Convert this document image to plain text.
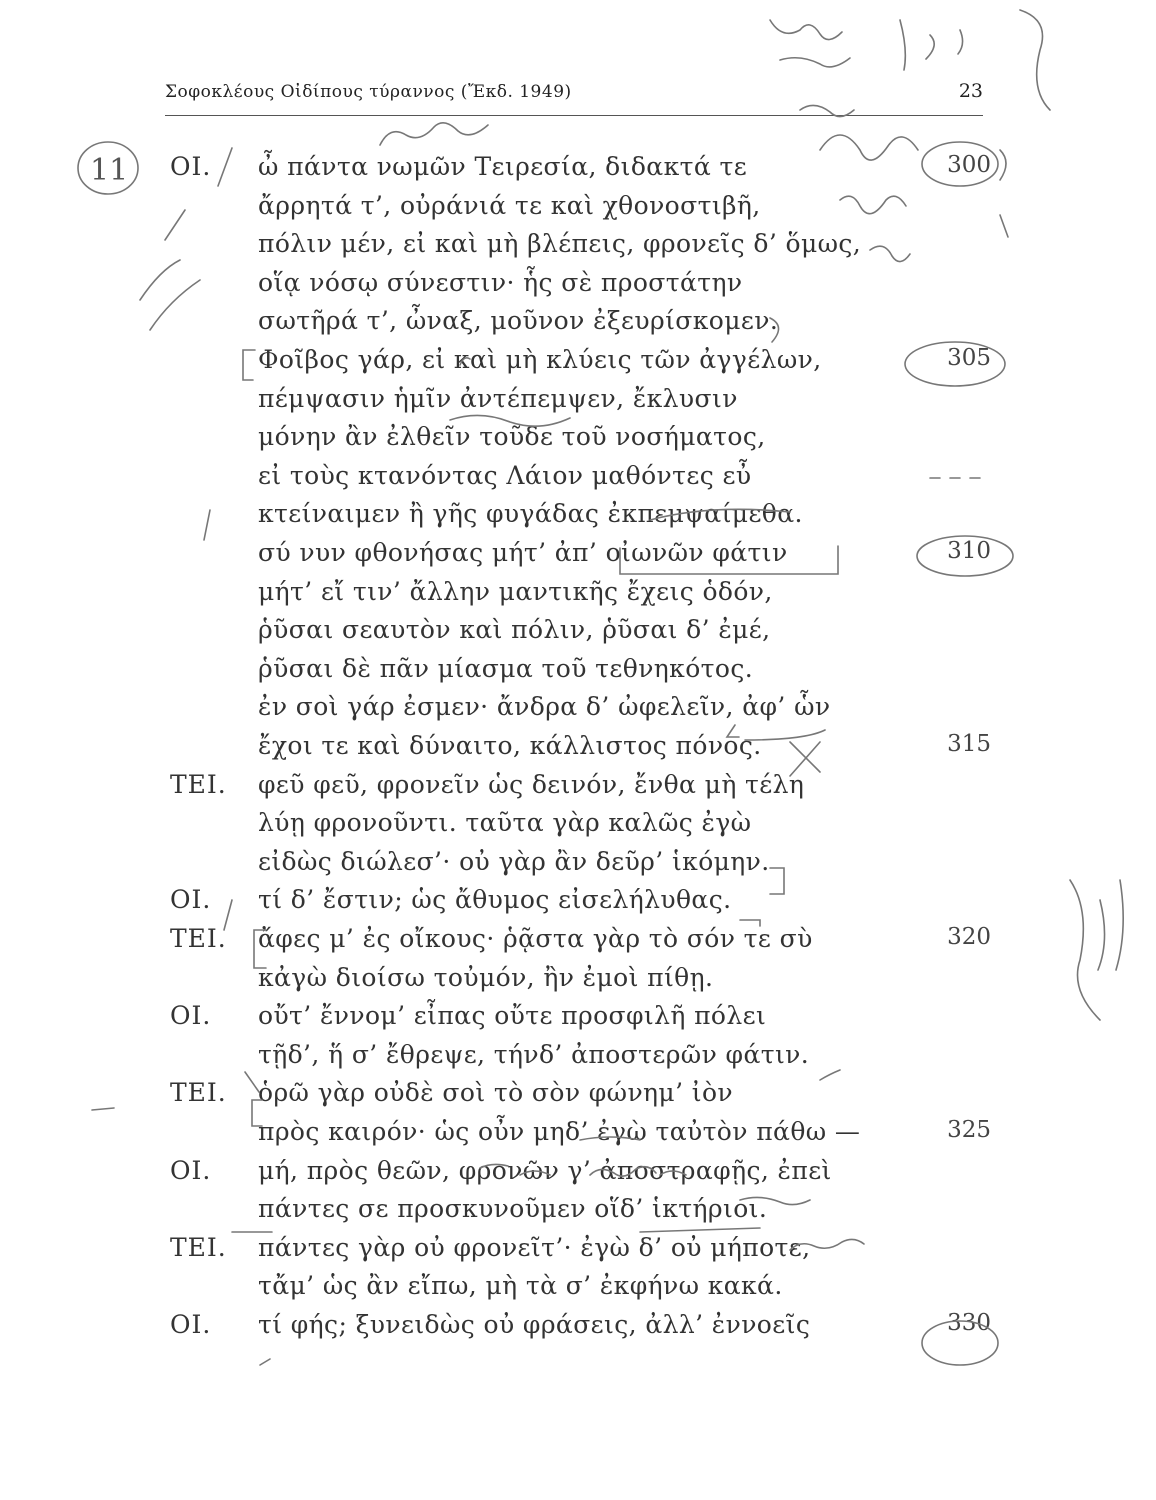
Σοφοκλέους Οἰδίπους τύραννος (Ἔκδ. 1949)	23
ΟΙ. ὦ πάντα νωμῶν Τειρεσία, διδακτά τε	300
ἄρρητά τ’, οὐράνιά τε καὶ χθονοστιβῆ,
πόλιν μέν, εἰ καὶ μὴ βλέπεις, φρονεῖς δ’ ὅμως,
οἵᾳ νόσῳ σύνεστιν· ἧς σὲ προστάτην
σωτῆρά τ’, ὦναξ, μοῦνον ἐξευρίσκομεν.
Φοῖβος γάρ, εἰ καὶ μὴ κλύεις τῶν ἀγγέλων,	305
πέμψασιν ἡμῖν ἀντέπεμψεν, ἔκλυσιν
μόνην ἂν ἐλθεῖν τοῦδε τοῦ νοσήματος,
εἰ τοὺς κτανόντας Λάιον μαθόντες εὖ
κτείναιμεν ἢ γῆς φυγάδας ἐκπεμψαίμεθα.
σύ νυν φθονήσας μήτ’ ἀπ’ οἰωνῶν φάτιν	310
μήτ’ εἴ τιν’ ἄλλην μαντικῆς ἔχεις ὁδόν,
ῥῦσαι σεαυτὸν καὶ πόλιν, ῥῦσαι δ’ ἐμέ,
ῥῦσαι δὲ πᾶν μίασμα τοῦ τεθνηκότος.
ἐν σοὶ γάρ ἐσμεν· ἄνδρα δ’ ὠφελεῖν, ἀφ’ ὧν
ἔχοι τε καὶ δύναιτο, κάλλιστος πόνος.	315
ΤΕΙ. φεῦ φεῦ, φρονεῖν ὡς δεινόν, ἔνθα μὴ τέλη
λύῃ φρονοῦντι. ταῦτα γὰρ καλῶς ἐγὼ
εἰδὼς διώλεσ’· οὐ γὰρ ἂν δεῦρ’ ἱκόμην.
ΟΙ. τί δ’ ἔστιν; ὡς ἄθυμος εἰσελήλυθας.
ΤΕΙ. ἄφες μ’ ἐς οἴκους· ῥᾷστα γὰρ τὸ σόν τε σὺ	320
κἀγὼ διοίσω τοὐμόν, ἢν ἐμοὶ πίθῃ.
ΟΙ. οὔτ’ ἔννομ’ εἶπας οὔτε προσφιλῆ πόλει
τῇδ’, ἥ σ’ ἔθρεψε, τήνδ’ ἀποστερῶν φάτιν.
ΤΕΙ. ὁρῶ γὰρ οὐδὲ σοὶ τὸ σὸν φώνημ’ ἰὸν
πρὸς καιρόν· ὡς οὖν μηδ’ ἐγὼ ταὐτὸν πάθω —	325
ΟΙ. μή, πρὸς θεῶν, φρονῶν γ’ ἀποστραφῇς, ἐπεὶ
πάντες σε προσκυνοῦμεν οἵδ’ ἱκτήριοι.
ΤΕΙ. πάντες γὰρ οὐ φρονεῖτ’· ἐγὼ δ’ οὐ μήποτε,
τἄμ’ ὡς ἂν εἴπω, μὴ τὰ σ’ ἐκφήνω κακά.
ΟΙ. τί φής; ξυνειδὼς οὐ φράσεις, ἀλλ’ ἐννοεῖς	330
11
